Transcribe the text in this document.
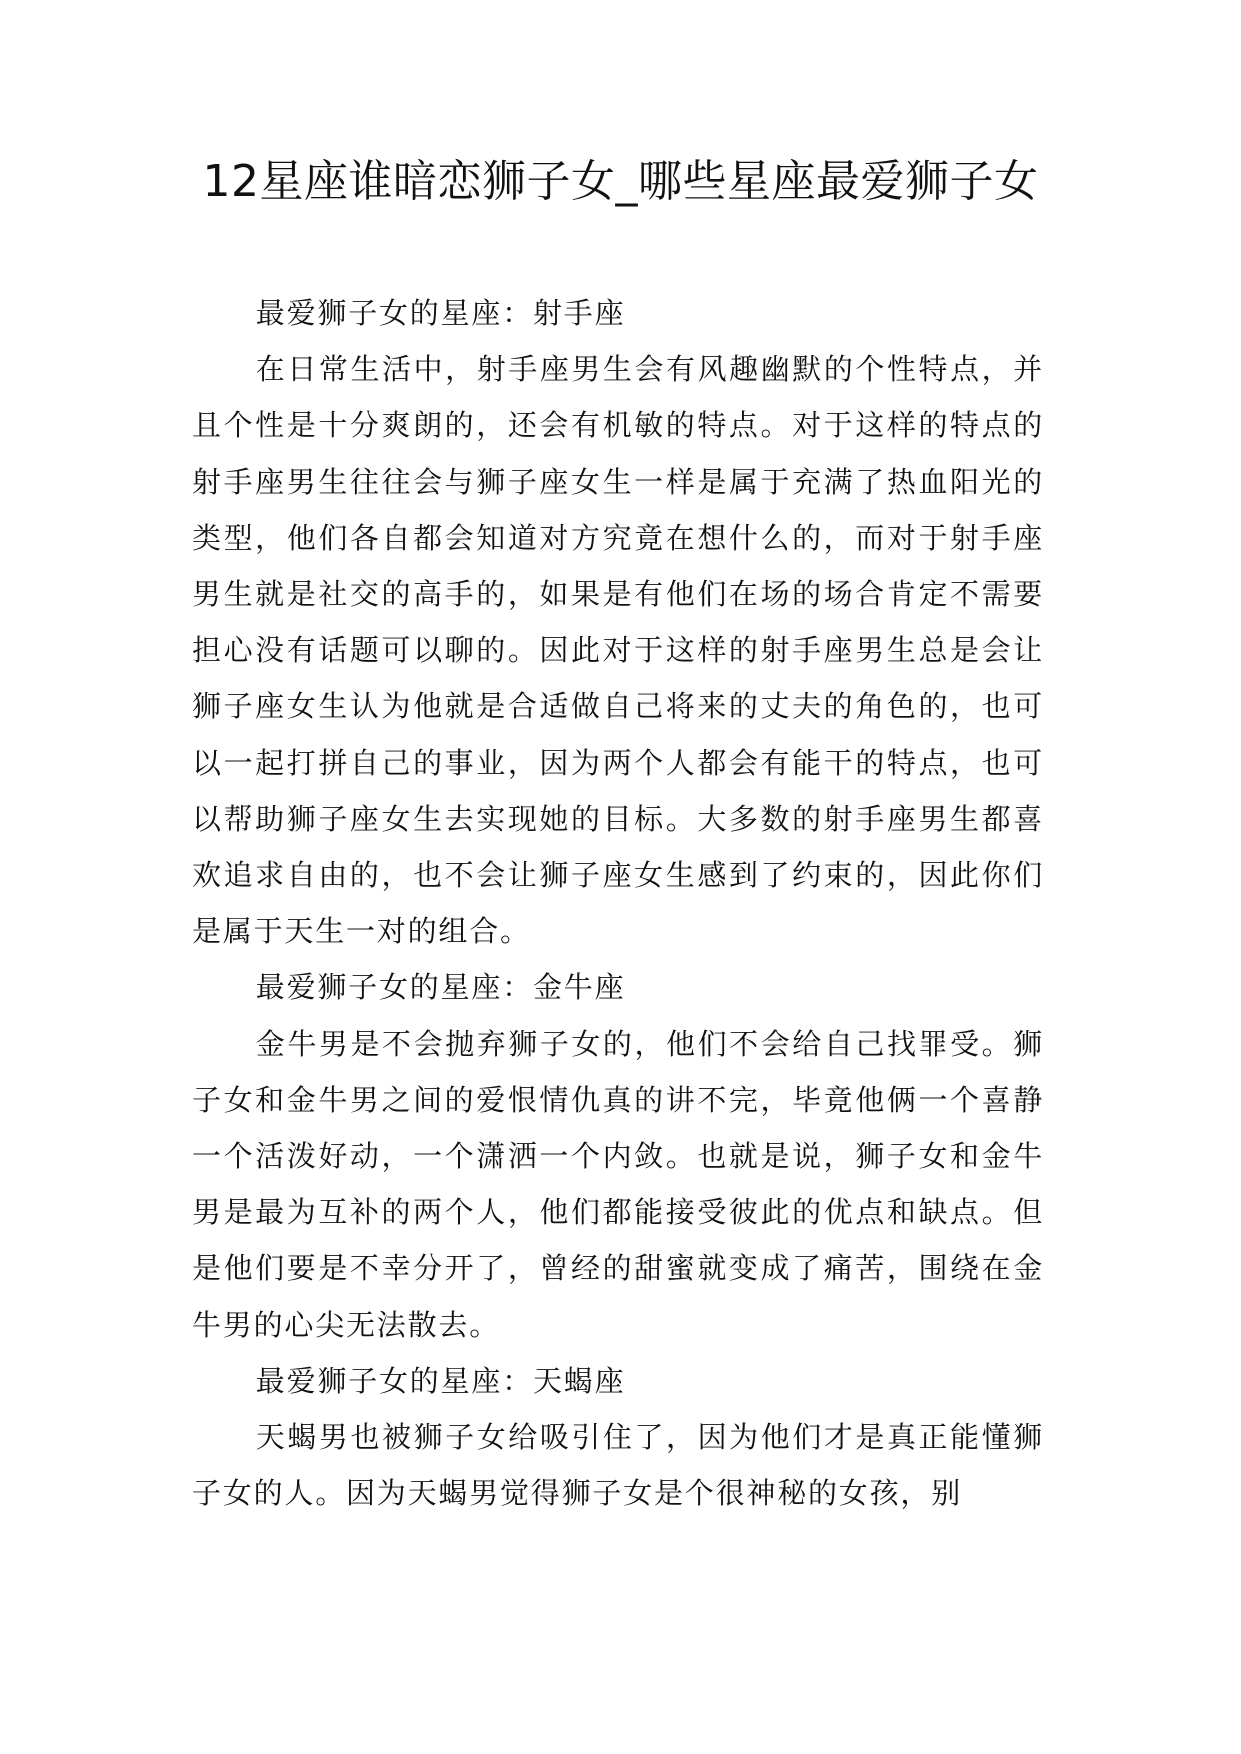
12星座谁暗恋狮子女_哪些星座最爱狮子女

最爱狮子女的星座：射手座

在日常生活中，射手座男生会有风趣幽默的个性特点，并且个性是十分爽朗的，还会有机敏的特点。对于这样的特点的射手座男生往往会与狮子座女生一样是属于充满了热血阳光的类型，他们各自都会知道对方究竟在想什么的，而对于射手座男生就是社交的高手的，如果是有他们在场的场合肯定不需要担心没有话题可以聊的。因此对于这样的射手座男生总是会让狮子座女生认为他就是合适做自己将来的丈夫的角色的，也可以一起打拼自己的事业，因为两个人都会有能干的特点，也可以帮助狮子座女生去实现她的目标。大多数的射手座男生都喜欢追求自由的，也不会让狮子座女生感到了约束的，因此你们是属于天生一对的组合。

最爱狮子女的星座：金牛座

金牛男是不会抛弃狮子女的，他们不会给自己找罪受。狮子女和金牛男之间的爱恨情仇真的讲不完，毕竟他俩一个喜静一个活泼好动，一个潇洒一个内敛。也就是说，狮子女和金牛男是最为互补的两个人，他们都能接受彼此的优点和缺点。但是他们要是不幸分开了，曾经的甜蜜就变成了痛苦，围绕在金牛男的心尖无法散去。

最爱狮子女的星座：天蝎座

天蝎男也被狮子女给吸引住了，因为他们才是真正能懂狮子女的人。因为天蝎男觉得狮子女是个很神秘的女孩，别
